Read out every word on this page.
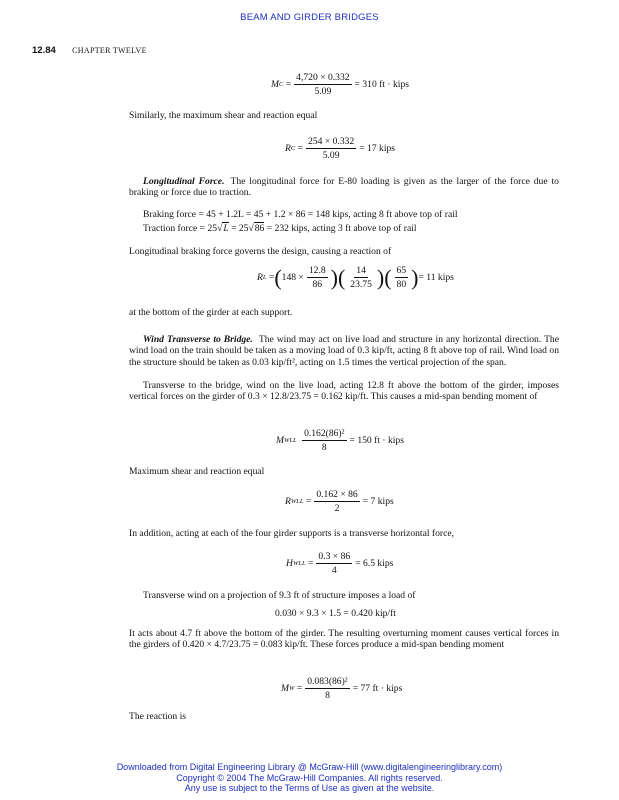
BEAM AND GIRDER BRIDGES
12.84 CHAPTER TWELVE
M $C = \frac{4,720 \times 0.332}{5.09} = 310$ ft · kips
Similarly, the maximum shear and reaction equal
R $C = \frac{254 \times 0.332}{5.09} = 17$ kips
Longitudinal Force. The longitudinal force for E-80 loading is given as the larger of the force due to braking or force due to traction.
Braking force = 45 + 1.2L = 45 + 1.2 × 86 = 148 kips, acting 8 ft above top of rail
Traction force = 25√L = 25√86 = 232 kips, acting 3 ft above top of rail
Longitudinal braking force governs the design, causing a reaction of
R L = ( $148 \times \frac{12.8}{86}$ ) ( $\frac{14}{23.75}$ ) ( $\frac{65}{80}$ ) = 11 kips
at the bottom of the girder at each support.
Wind Transverse to Bridge. The wind may act on live load and structure in any horizontal direction. The wind load on the train should be taken as a moving load of 0.3 kip/ft, acting 8 ft above top of rail. Wind load on the structure should be taken as 0.03 kip/ft², acting on 1.5 times the vertical projection of the span.
Transverse to the bridge, wind on the live load, acting 12.8 ft above the bottom of the girder, imposes vertical forces on the girder of 0.3 × 12.8/23.75 = 0.162 kip/ft. This causes a mid-span bending moment of
M WLL
$\frac{\text{0.162(86)²}}{8} = 150$ ft · kips
Maximum shear and reaction equal
R WLL = $\frac{0.162 \times 86}{2} = 7$ kips
In addition, acting at each of the four girder supports is a transverse horizontal force,
H WLL = $\frac{0.3 \times 86}{4} = 6.5$ kips
Transverse wind on a projection of 9.3 ft of structure imposes a load of
0.030 × 9.3 × 1.5 = 0.420 kip/ft
It acts about 4.7 ft above the bottom of the girder. The resulting overturning moment causes vertical forces in the girders of 0.420 × 4.7/23.75 = 0.083 kip/ft. These forces produce a mid-span bending moment
M $W = \frac{\text{0.083(86)²}}{8} = 77$ ft · kips
The reaction is
Downloaded from Digital Engineering Library @ McGraw-Hill (www.digitalengineeringlibrary.com)
Copyright © 2004 The McGraw-Hill Companies. All rights reserved.
Any use is subject to the Terms of Use as given at the website.
